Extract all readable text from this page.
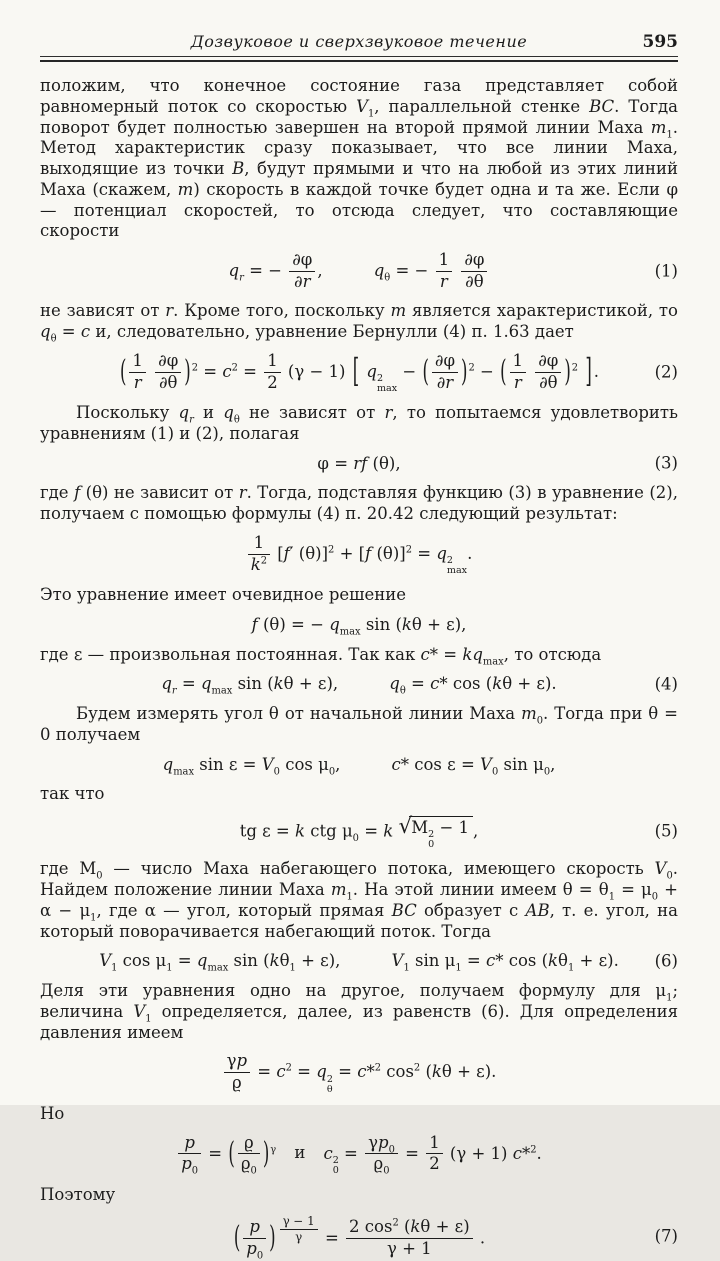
Дозвуковое и сверхзвуковое течение	595

положим, что конечное состояние газа представляет собой равномерный поток со скоростью $V_1$, параллельной стенке BC. Тогда поворот будет полностью завершен на второй прямой линии Маха $m_1$. Метод характеристик сразу показывает, что все линии Маха, выходящие из точки B, будут прямыми и что на любой из этих линий Маха (скажем, m) скорость в каждой точке будет одна и та же. Если φ — потенциал скоростей, то отсюда следует, что составляющие скорости

$q_r$ = − $\frac{\partial\varphi}{\partial r}$ ,	$q_\theta$ = − $\frac{1}{r}$
$\frac{\partial\varphi}{\partial\theta}$	(1)

не зависят от r. Кроме того, поскольку m является характеристикой, то $q_\theta = c$ и, следовательно, уравнение Бернулли (4) п. 1.63 дает

( $\frac{1}{r}$
$\frac{\partial\varphi}{\partial\theta} )^2 = c^2 = \frac{1}{2} (\gamma - 1)$ [ q 2
max
− ( $\frac{\partial\varphi}{\partial r} )^2$ − ( $\frac{1}{r}$
$\frac{\partial\varphi}{\partial\theta} )^2$ ] .	(2)

Поскольку $q_r$ и $q_\theta$ не зависят от r, то попытаемся удовлетворить уравнениям (1) и (2), полагая

φ = rf (θ),	(3)

где f (θ) не зависит от r. Тогда, подставляя функцию (3) в уравнение (2), получаем с помощью формулы (4) п. 20.42 следующий результат:

$\frac{1}{k^2} [f'$ (θ)]$^2$ + [f (θ)]$^2$ = q 2
max
.

Это уравнение имеет очевидное решение

f (θ) = − $q_{max}$ sin (kθ + ε),

где ε — произвольная постоянная. Так как $c* = kq_{max}$, то отсюда

$q_r = q_{max}$ sin (kθ + ε),	$q_\theta = c*$ cos (kθ + ε).	(4)

Будем измерять угол θ от начальной линии Маха $m_0$. Тогда при θ = 0 получаем

$q_{max}$ $\sin \varepsilon = V_0$ $\cos \mu_0$,	c* $\cos \varepsilon = V_0$ $\sin \mu_0$,

так что

tg ε = k ctg $\mu_0 = k$ √M 2
0
− 1 ,	(5)

где $M_0$ — число Маха набегающего потока, имеющего скорость $V_0$. Найдем положение линии Маха $m_1$. На этой линии имеем $\theta = \theta_1 = \mu_0 + \alpha - \mu_1$, где α — угол, который прямая BC образует с AB, т. е. угол, на который поворачивается набегающий поток. Тогда

$V_1$ $\cos \mu_1 = q_{max}$ $\sin (k\theta_1 + \varepsilon)$,	$V_1$ $\sin \mu_1 = c*$ $\cos (k\theta_1 + \varepsilon)$. (6)

Деля эти уравнения одно на другое, получаем формулу для $\mu_1$; величина $V_1$ определяется, далее, из равенств (6). Для определения давления имеем

$\frac{\gamma p}{ϱ} = c^2 = q$ 2
θ
= c*$^2$ $\cos^2 (k\theta + \varepsilon)$.

Но

$\frac{p}{p_0}$ = ( $\frac{ϱ}{ϱ_0} )^\gamma$ и c 2
0
= $\frac{\gamma p_0}{ϱ_0} = \frac{1}{2} (\gamma + 1)$ c*$^2$.

Поэтому

( $\frac{p}{p_0}$ ) $\frac{\gamma - 1}{\gamma} = \frac{2 \cos^2 (k\theta + \varepsilon)}{\gamma + 1}$ .	(7)
